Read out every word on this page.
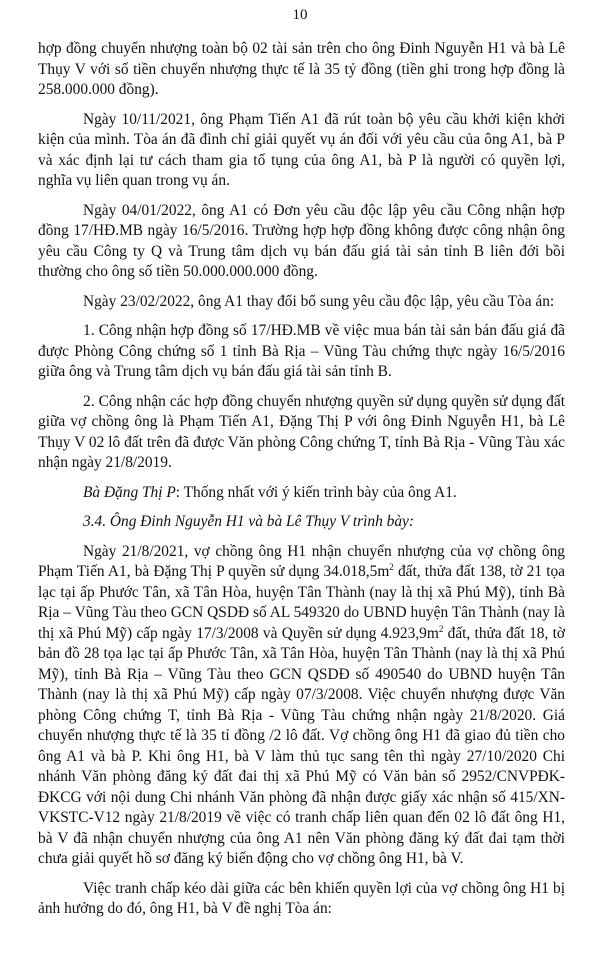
10

hợp đồng chuyển nhượng toàn bộ 02 tài sản trên cho ông Đinh Nguyễn H1 và bà Lê Thụy V với số tiền chuyển nhượng thực tế là 35 tỷ đồng (tiền ghi trong hợp đồng là 258.000.000 đồng).

Ngày 10/11/2021, ông Phạm Tiến A1 đã rút toàn bộ yêu cầu khởi kiện khởi kiện của mình. Tòa án đã đình chỉ giải quyết vụ án đối với yêu cầu của ông A1, bà P và xác định lại tư cách tham gia tố tụng của ông A1, bà P là người có quyền lợi, nghĩa vụ liên quan trong vụ án.

Ngày 04/01/2022, ông A1 có Đơn yêu cầu độc lập yêu cầu Công nhận hợp đồng 17/HĐ.MB ngày 16/5/2016. Trường hợp hợp đồng không được công nhận ông yêu cầu Công ty Q và Trung tâm dịch vụ bán đấu giá tài sản tỉnh B liên đới bồi thường cho ông số tiền 50.000.000.000 đồng.

Ngày 23/02/2022, ông A1 thay đổi bổ sung yêu cầu độc lập, yêu cầu Tòa án:

1. Công nhận hợp đồng số 17/HĐ.MB về việc mua bán tài sản bán đấu giá đã được Phòng Công chứng số 1 tỉnh Bà Rịa – Vũng Tàu chứng thực ngày 16/5/2016 giữa ông và Trung tâm dịch vụ bán đấu giá tài sản tỉnh B.

2. Công nhận các hợp đồng chuyển nhượng quyền sử dụng quyền sử dụng đất giữa vợ chồng ông là Phạm Tiến A1, Đặng Thị P với ông Đinh Nguyễn H1, bà Lê Thụy V 02 lô đất trên đã được Văn phòng Công chứng T, tỉnh Bà Rịa - Vũng Tàu xác nhận ngày 21/8/2019.

Bà Đặng Thị P: Thống nhất với ý kiến trình bày của ông A1.

3.4. Ông Đinh Nguyễn H1 và bà Lê Thụy V trình bày:

Ngày 21/8/2021, vợ chồng ông H1 nhận chuyển nhượng của vợ chồng ông Phạm Tiến A1, bà Đặng Thị P quyền sử dụng $34.018,5m^2$ đất, thửa đất 138, tờ 21 tọa lạc tại ấp Phước Tân, xã Tân Hòa, huyện Tân Thành (nay là thị xã Phú Mỹ), tỉnh Bà Rịa – Vũng Tàu theo GCN QSDĐ số AL 549320 do UBND huyện Tân Thành (nay là thị xã Phú Mỹ) cấp ngày 17/3/2008 và Quyền sử dụng $4.923,9m^2$ đất, thửa đất 18, tờ bản đồ 28 tọa lạc tại ấp Phước Tân, xã Tân Hòa, huyện Tân Thành (nay là thị xã Phú Mỹ), tỉnh Bà Rịa – Vũng Tàu theo GCN QSDĐ số 490540 do UBND huyện Tân Thành (nay là thị xã Phú Mỹ) cấp ngày 07/3/2008. Việc chuyển nhượng được Văn phòng Công chứng T, tỉnh Bà Rịa - Vũng Tàu chứng nhận ngày 21/8/2020. Giá chuyển nhượng thực tế là 35 tỉ đồng /2 lô đất. Vợ chồng ông H1 đã giao đủ tiền cho ông A1 và bà P. Khi ông H1, bà V làm thủ tục sang tên thì ngày 27/10/2020 Chi nhánh Văn phòng đăng ký đất đai thị xã Phú Mỹ có Văn bản số 2952/CNVPĐK-ĐKCG với nội dung Chi nhánh Văn phòng đã nhận được giấy xác nhận số 415/XN-VKSTC-V12 ngày 21/8/2019 về việc có tranh chấp liên quan đến 02 lô đất ông H1, bà V đã nhận chuyển nhượng của ông A1 nên Văn phòng đăng ký đất đai tạm thời chưa giải quyết hồ sơ đăng ký biến động cho vợ chồng ông H1, bà V.

Việc tranh chấp kéo dài giữa các bên khiến quyền lợi của vợ chồng ông H1 bị ảnh hưởng do đó, ông H1, bà V đề nghị Tòa án:
